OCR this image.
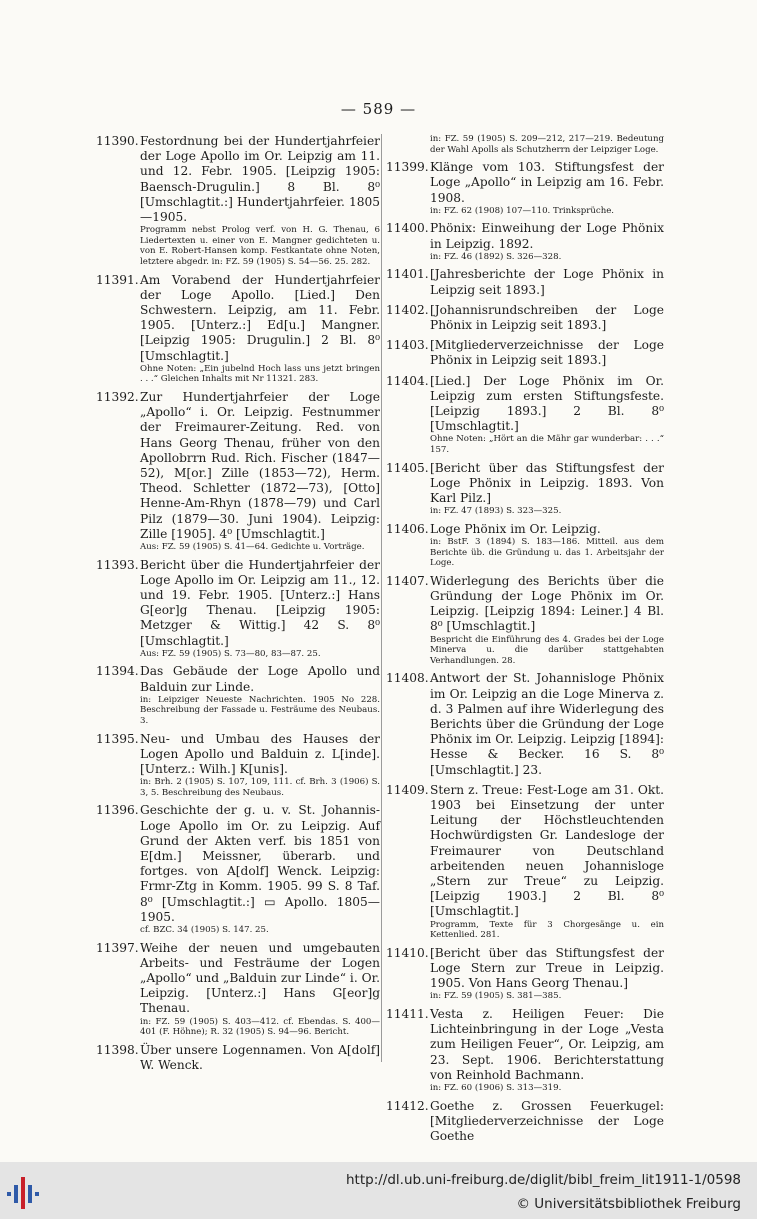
— 589 —
11390. Festordnung bei der Hundertjahrfeier der Loge Apollo im Or. Leipzig am 11. und 12. Febr. 1905. [Leipzig 1905: Baensch-Drugulin.] 8 Bl. 8⁰ [Umschlagtit.:] Hundertjahrfeier. 1805—1905.
Programm nebst Prolog verf. von H. G. Thenau, 6 Liedertexten u. einer von E. Mangner gedichteten u. von E. Robert-Hansen komp. Festkantate ohne Noten, letztere abgedr. in: FZ. 59 (1905) S. 54—56. 25. 282.
11391. Am Vorabend der Hundertjahrfeier der Loge Apollo. [Lied.] Den Schwestern. Leipzig, am 11. Febr. 1905. [Unterz.:] Ed[u.] Mangner. [Leipzig 1905: Drugulin.] 2 Bl. 8⁰ [Umschlagtit.]
Ohne Noten: „Ein jubelnd Hoch lass uns jetzt bringen . . .“ Gleichen Inhalts mit Nr 11321. 283.
11392. Zur Hundertjahrfeier der Loge „Apollo“ i. Or. Leipzig. Festnummer der Freimaurer-Zeitung. Red. von Hans Georg Thenau, früher von den Apollobrrn Rud. Rich. Fischer (1847—52), M[or.] Zille (1853—72), Herm. Theod. Schletter (1872—73), [Otto] Henne-Am-Rhyn (1878—79) und Carl Pilz (1879—30. Juni 1904). Leipzig: Zille [1905]. 4⁰ [Umschlagtit.]
Aus: FZ. 59 (1905) S. 41—64. Gedichte u. Vorträge.
11393. Bericht über die Hundertjahrfeier der Loge Apollo im Or. Leipzig am 11., 12. und 19. Febr. 1905. [Unterz.:] Hans G[eor]g Thenau. [Leipzig 1905: Metzger & Wittig.] 42 S. 8⁰ [Umschlagtit.]
Aus: FZ. 59 (1905) S. 73—80, 83—87. 25.
11394. Das Gebäude der Loge Apollo und Balduin zur Linde.
in: Leipziger Neueste Nachrichten. 1905 No 228. Beschreibung der Fassade u. Festräume des Neubaus. 3.
11395. Neu- und Umbau des Hauses der Logen Apollo und Balduin z. L[inde]. [Unterz.: Wilh.] K[unis].
in: Brh. 2 (1905) S. 107, 109, 111. cf. Brh. 3 (1906) S. 3, 5. Beschreibung des Neubaus.
11396. Geschichte der g. u. v. St. Johannis-Loge Apollo im Or. zu Leipzig. Auf Grund der Akten verf. bis 1851 von E[dm.] Meissner, überarb. und fortges. von A[dolf] Wenck. Leipzig: Frmr-Ztg in Komm. 1905. 99 S. 8 Taf. 8⁰ [Umschlagtit.:] ▭ Apollo. 1805—1905.
cf. BZC. 34 (1905) S. 147. 25.
11397. Weihe der neuen und umgebauten Arbeits- und Festräume der Logen „Apollo“ und „Balduin zur Linde“ i. Or. Leipzig. [Unterz.:] Hans G[eor]g Thenau.
in: FZ. 59 (1905) S. 403—412. cf. Ebendas. S. 400—401 (F. Höhne); R. 32 (1905) S. 94—96. Bericht.
11398. Über unsere Logennamen. Von A[dolf] W. Wenck.
in: FZ. 59 (1905) S. 209—212, 217—219. Bedeutung der Wahl Apolls als Schutzherrn der Leipziger Loge.
11399. Klänge vom 103. Stiftungsfest der Loge „Apollo“ in Leipzig am 16. Febr. 1908.
in: FZ. 62 (1908) 107—110. Trinksprüche.
11400. Phönix: Einweihung der Loge Phönix in Leipzig. 1892.
in: FZ. 46 (1892) S. 326—328.
11401. [Jahresberichte der Loge Phönix in Leipzig seit 1893.]
11402. [Johannisrundschreiben der Loge Phönix in Leipzig seit 1893.]
11403. [Mitgliederverzeichnisse der Loge Phönix in Leipzig seit 1893.]
11404. [Lied.] Der Loge Phönix im Or. Leipzig zum ersten Stiftungsfeste. [Leipzig 1893.] 2 Bl. 8⁰ [Umschlagtit.]
Ohne Noten: „Hört an die Mähr gar wunderbar: . . .“ 157.
11405. [Bericht über das Stiftungsfest der Loge Phönix in Leipzig. 1893. Von Karl Pilz.]
in: FZ. 47 (1893) S. 323—325.
11406. Loge Phönix im Or. Leipzig.
in: BstF. 3 (1894) S. 183—186. Mitteil. aus dem Berichte üb. die Gründung u. das 1. Arbeitsjahr der Loge.
11407. Widerlegung des Berichts über die Gründung der Loge Phönix im Or. Leipzig. [Leipzig 1894: Leiner.] 4 Bl. 8⁰ [Umschlagtit.]
Bespricht die Einführung des 4. Grades bei der Loge Minerva u. die darüber stattgehabten Verhandlungen. 28.
11408. Antwort der St. Johannisloge Phönix im Or. Leipzig an die Loge Minerva z. d. 3 Palmen auf ihre Widerlegung des Berichts über die Gründung der Loge Phönix im Or. Leipzig. Leipzig [1894]: Hesse & Becker. 16 S. 8⁰ [Umschlagtit.] 23.
11409. Stern z. Treue: Fest-Loge am 31. Okt. 1903 bei Einsetzung der unter Leitung der Höchstleuchtenden Hochwürdigsten Gr. Landesloge der Freimaurer von Deutschland arbeitenden neuen Johannisloge „Stern zur Treue“ zu Leipzig. [Leipzig 1903.] 2 Bl. 8⁰ [Umschlagtit.]
Programm, Texte für 3 Chorgesänge u. ein Kettenlied. 281.
11410. [Bericht über das Stiftungsfest der Loge Stern zur Treue in Leipzig. 1905. Von Hans Georg Thenau.]
in: FZ. 59 (1905) S. 381—385.
11411. Vesta z. Heiligen Feuer: Die Lichteinbringung in der Loge „Vesta zum Heiligen Feuer“, Or. Leipzig, am 23. Sept. 1906. Berichterstattung von Reinhold Bachmann.
in: FZ. 60 (1906) S. 313—319.
11412. Goethe z. Grossen Feuerkugel: [Mitgliederverzeichnisse der Loge Goethe
http://dl.ub.uni-freiburg.de/diglit/bibl_freim_lit1911-1/0598
© Universitätsbibliothek Freiburg
